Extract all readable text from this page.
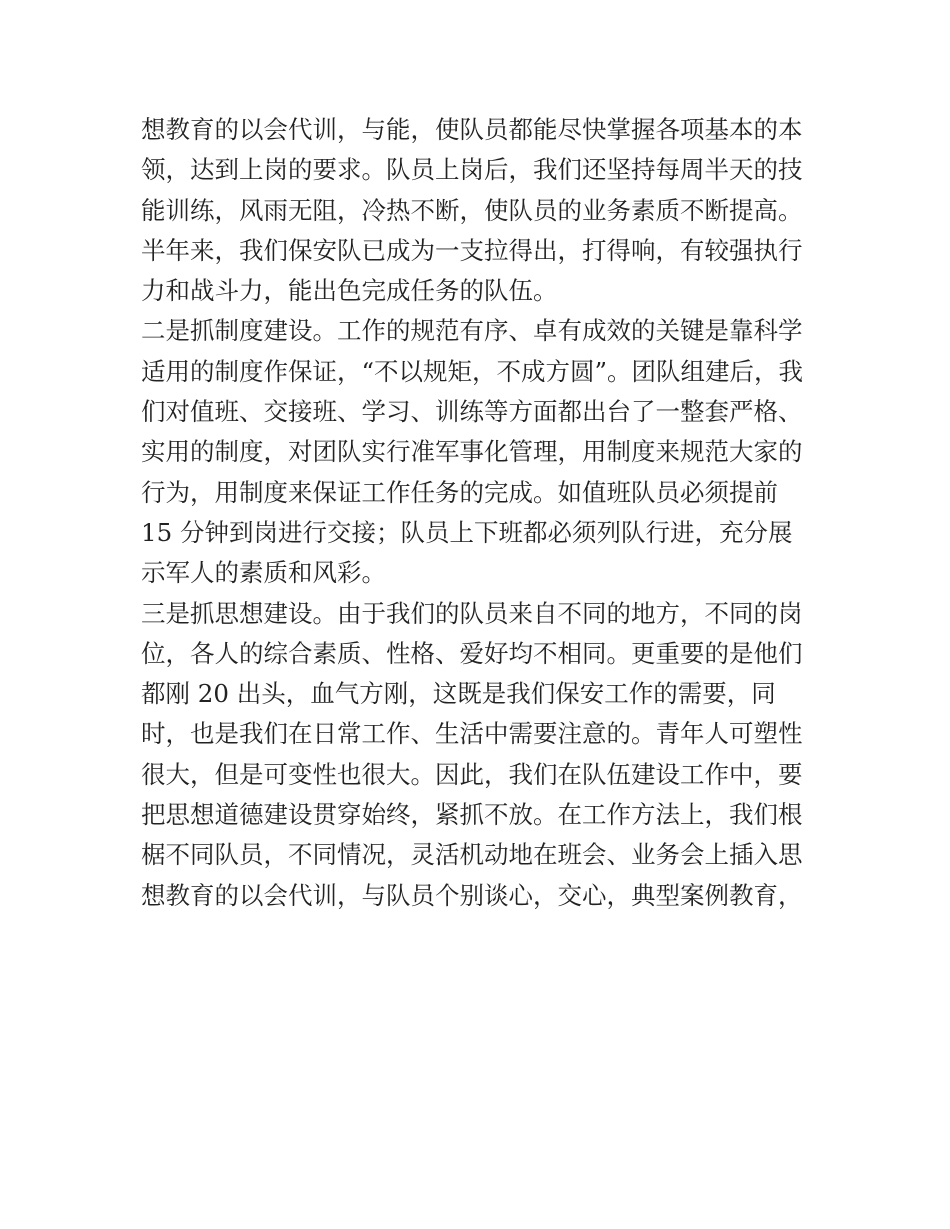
想教育的以会代训，与能，使队员都能尽快掌握各项基本的本
领，达到上岗的要求。队员上岗后，我们还坚持每周半天的技
能训练，风雨无阻，冷热不断，使队员的业务素质不断提高。
半年来，我们保安队已成为一支拉得出，打得响，有较强执行
力和战斗力，能出色完成任务的队伍。
二是抓制度建设。工作的规范有序、卓有成效的关键是靠科学
适用的制度作保证，“不以规矩，不成方圆”。团队组建后，我
们对值班、交接班、学习、训练等方面都出台了一整套严格、
实用的制度，对团队实行准军事化管理，用制度来规范大家的
行为，用制度来保证工作任务的完成。如值班队员必须提前
15 分钟到岗进行交接；队员上下班都必须列队行进，充分展
示军人的素质和风彩。
三是抓思想建设。由于我们的队员来自不同的地方，不同的岗
位，各人的综合素质、性格、爱好均不相同。更重要的是他们
都刚 20 出头，血气方刚，这既是我们保安工作的需要，同
时，也是我们在日常工作、生活中需要注意的。青年人可塑性
很大，但是可变性也很大。因此，我们在队伍建设工作中，要
把思想道德建设贯穿始终，紧抓不放。在工作方法上，我们根
椐不同队员，不同情况，灵活机动地在班会、业务会上插入思
想教育的以会代训，与队员个别谈心，交心，典型案例教育，
